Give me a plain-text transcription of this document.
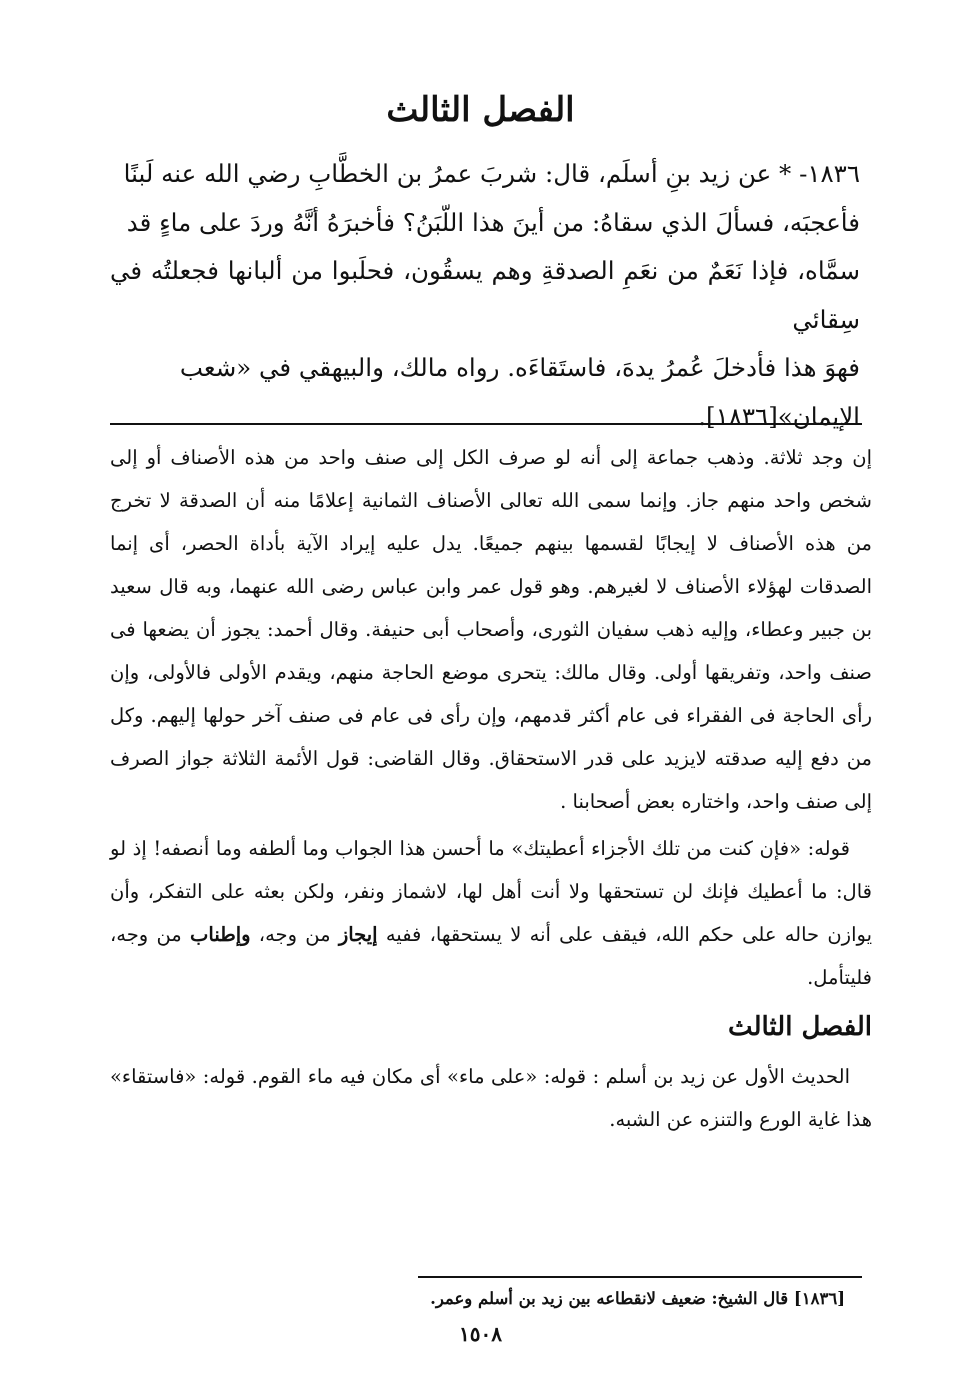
الفصل الثالث
١٨٣٦- * عن زيد بنِ أسلَم، قال: شربَ عمرُ بن الخطَّابِ رضي الله عنه لَبنًا
فأعجبَه، فسألَ الذي سقاهُ: من أينَ هذا اللّبَنُ؟ فأخبرَهُ أنَّهُ وردَ على ماءٍ قد
سمَّاه، فإذا نَعَمٌ من نعَمِ الصدقةِ وهم يسقُون، فحلَبوا من ألبانها فجعلتُه في سِقائي
فهوَ هذا فأدخلَ عُمرُ يدهَ، فاستَقاءَه. رواه مالك، والبيهقي في «شعب
الإيمان»[١٨٣٦].

إن وجد ثلاثة. وذهب جماعة إلى أنه لو صرف الكل إلى صنف واحد من هذه الأصناف أو إلى شخص واحد منهم جاز. وإنما سمى الله تعالى الأصناف الثمانية إعلامًا منه أن الصدقة لا تخرج من هذه الأصناف لا إيجابًا لقسمها بينهم جميعًا. يدل عليه إيراد الآية بأداة الحصر، أى إنما الصدقات لهؤلاء الأصناف لا لغيرهم. وهو قول عمر وابن عباس رضى الله عنهما، وبه قال سعيد بن جبير وعطاء، وإليه ذهب سفيان الثورى، وأصحاب أبى حنيفة. وقال أحمد: يجوز أن يضعها فى صنف واحد، وتفريقها أولى. وقال مالك: يتحرى موضع الحاجة منهم، ويقدم الأولى فالأولى، وإن رأى الحاجة فى الفقراء فى عام أكثر قدمهم، وإن رأى فى عام فى صنف آخر حولها إليهم. وكل من دفع إليه صدقته لايزيد على قدر الاستحقاق. وقال القاضى: قول الأئمة الثلاثة جواز الصرف إلى صنف واحد، واختاره بعض أصحابنا .

قوله: «فإن كنت من تلك الأجزاء أعطيتك» ما أحسن هذا الجواب وما ألطفه وما أنصفه! إذ لو قال: ما أعطيك فإنك لن تستحقها ولا أنت أهل لها، لاشماز ونفر، ولكن بعثه على التفكر، وأن يوازن حاله على حكم الله، فيقف على أنه لا يستحقها، ففيه إيجاز من وجه، وإطناب من وجه، فليتأمل.

الفصل الثالث

الحديث الأول عن زيد بن أسلم : قوله: «على ماء» أى مكان فيه ماء القوم. قوله: «فاستقاء» هذا غاية الورع والتنزه عن الشبه.

[١٨٣٦] قال الشيخ: ضعيف لانقطاعه بين زيد بن أسلم وعمر.
١٥٠٨
